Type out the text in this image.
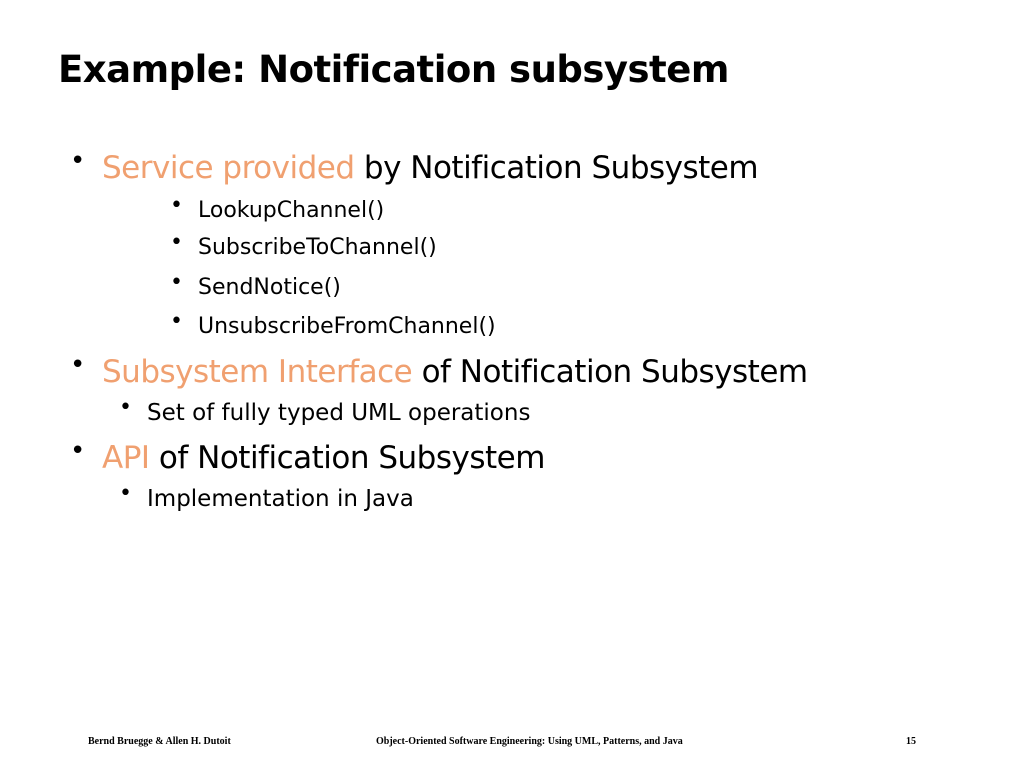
Example: Notification subsystem
• Service provided by Notification Subsystem
• LookupChannel()
• SubscribeToChannel()
• SendNotice()
• UnsubscribeFromChannel()
• Subsystem Interface of Notification Subsystem
• Set of fully typed UML operations
• API of Notification Subsystem
• Implementation in Java
Bernd Bruegge & Allen H. Dutoit	Object-Oriented Software Engineering: Using UML, Patterns, and Java	15
